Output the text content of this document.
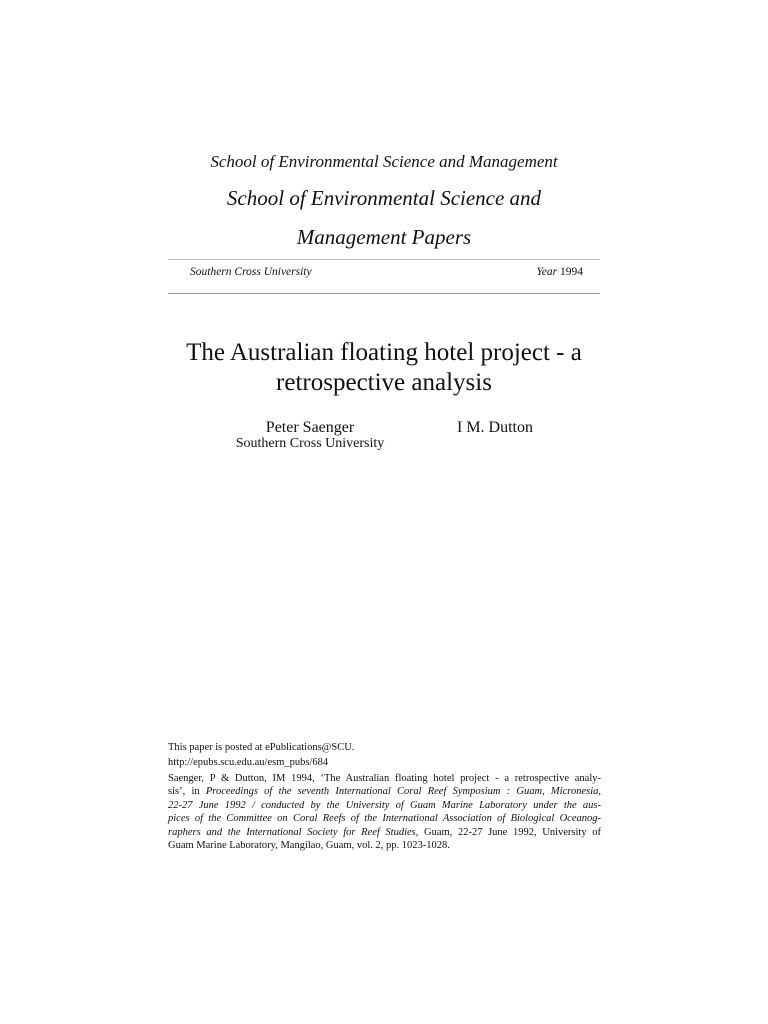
School of Environmental Science and Management
School of Environmental Science and
Management Papers
Southern Cross University	Year 1994
The Australian floating hotel project - a
retrospective analysis
Peter Saenger
Southern Cross University
I M. Dutton
This paper is posted at ePublications@SCU.
http://epubs.scu.edu.au/esm_pubs/684
Saenger, P & Dutton, IM 1994, ‘The Australian floating hotel project - a retrospective analy-
sis’, in Proceedings of the seventh International Coral Reef Symposium : Guam, Micronesia,
22-27 June 1992 / conducted by the University of Guam Marine Laboratory under the aus-
pices of the Committee on Coral Reefs of the International Association of Biological Oceanog-
raphers and the International Society for Reef Studies, Guam, 22-27 June 1992, University of
Guam Marine Laboratory, Mangilao, Guam, vol. 2, pp. 1023-1028.
